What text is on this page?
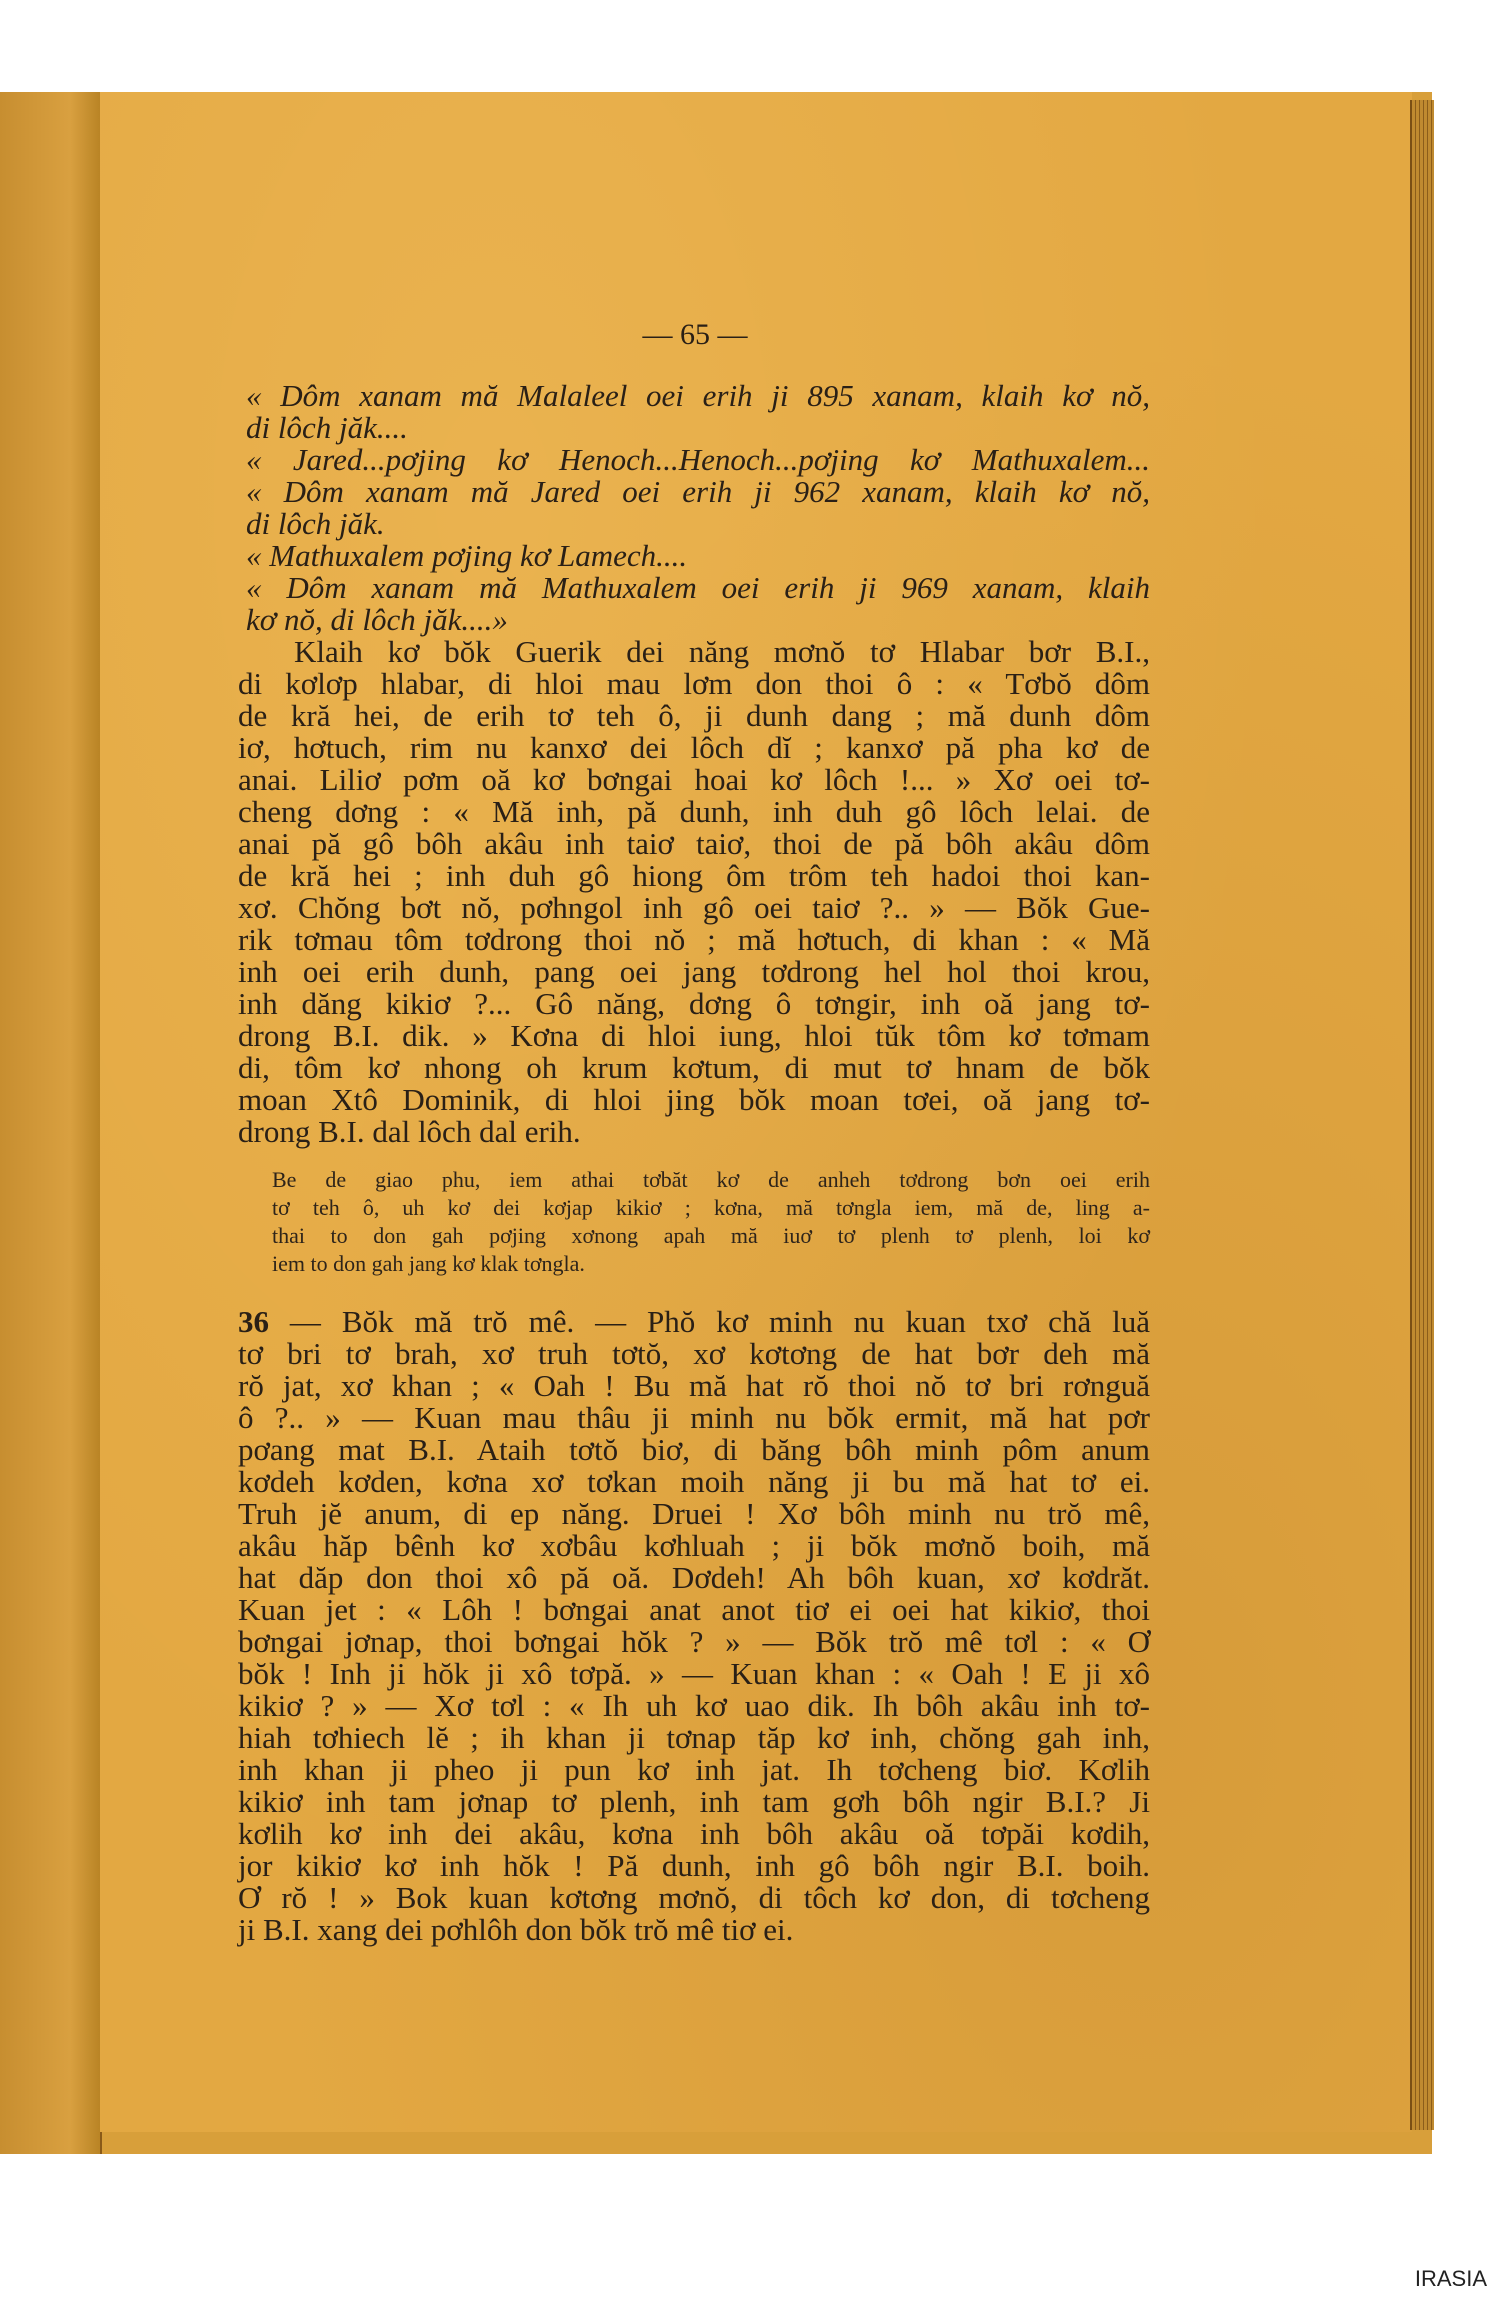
— 65 —
« Dôm xanam mă Malaleel oei erih ji 895 xanam, klaih kơ nŏ,
di lôch jăk....
« Jared...pơjing kơ Henoch...Henoch...pơjing kơ Mathuxalem...
« Dôm xanam mă Jared oei erih ji 962 xanam, klaih kơ nŏ,
di lôch jăk.
« Mathuxalem pơjing kơ Lamech....
« Dôm xanam mă Mathuxalem oei erih ji 969 xanam, klaih
kơ nŏ, di lôch jăk....»
Klaih kơ bŏk Guerik dei năng mơnŏ tơ Hlabar bơr B.I.,
di kơlơp hlabar, di hloi mau lơm don thoi ô : « Tơbŏ dôm
de kră hei, de erih tơ teh ô, ji dunh dang ; mă dunh dôm
iơ, hơtuch, rim nu kanxơ dei lôch dĭ ; kanxơ pă pha kơ de
anai. Liliơ pơm oă kơ bơngai hoai kơ lôch !... » Xơ oei tơ-
cheng dơng : « Mă inh, pă dunh, inh duh gô lôch lelai. de
anai pă gô bôh akâu inh taiơ taiơ, thoi de pă bôh akâu dôm
de kră hei ; inh duh gô hiong ôm trôm teh hadoi thoi kan-
xơ. Chŏng bơt nŏ, pơhngol inh gô oei taiơ ?.. » — Bŏk Gue-
rik tơmau tôm tơdrong thoi nŏ ; mă hơtuch, di khan : « Mă
inh oei erih dunh, pang oei jang tơdrong hel hol thoi krou,
inh dăng kikiơ ?... Gô năng, dơng ô tơngir, inh oă jang tơ-
drong B.I. dik. » Kơna di hloi iung, hloi tŭk tôm kơ tơmam
di, tôm kơ nhong oh krum kơtum, di mut tơ hnam de bŏk
moan Xtô Dominik, di hloi jing bŏk moan tơei, oă jang tơ-
drong B.I. dal lôch dal erih.
Be de giao phu, iem athai tơbăt kơ de anheh tơdrong bơn oei erih
tơ teh ô, uh kơ dei kơjap kikiơ ; kơna, mă tơngla iem, mă de, ling a-
thai to don gah pơjing xơnong apah mă iuơ tơ plenh tơ plenh, loi kơ
iem to don gah jang kơ klak tơngla.
36 — Bŏk mă trŏ mê. — Phŏ kơ minh nu kuan txơ chă luă
tơ bri tơ brah, xơ truh tơtŏ, xơ kơtơng de hat bơr deh mă
rŏ jat, xơ khan ; « Oah ! Bu mă hat rŏ thoi nŏ tơ bri rơnguă
ô ?.. » — Kuan mau thâu ji minh nu bŏk ermit, mă hat pơr
pơang mat B.I. Ataih tơtŏ biơ, di băng bôh minh pôm anum
kơdeh kơden, kơna xơ tơkan moih năng ji bu mă hat tơ ei.
Truh jĕ anum, di ep năng. Druei ! Xơ bôh minh nu trŏ mê,
akâu hăp bênh kơ xơbâu kơhluah ; ji bŏk mơnŏ boih, mă
hat dăp don thoi xô pă oă. Dơdeh! Ah bôh kuan, xơ kơdrăt.
Kuan jet : « Lôh ! bơngai anat anot tiơ ei oei hat kikiơ, thoi
bơngai jơnap, thoi bơngai hŏk ? » — Bŏk trŏ mê tơl : « Ơ
bŏk ! Inh ji hŏk ji xô tơpă. » — Kuan khan : « Oah ! E ji xô
kikiơ ? » — Xơ tơl : « Ih uh kơ uao dik. Ih bôh akâu inh tơ-
hiah tơhiech lĕ ; ih khan ji tơnap tăp kơ inh, chŏng gah inh,
inh khan ji pheo ji pun kơ inh jat. Ih tơcheng biơ. Kơlih
kikiơ inh tam jơnap tơ plenh, inh tam gơh bôh ngir B.I.? Ji
kơlih kơ inh dei akâu, kơna inh bôh akâu oă tơpăi kơdih,
jor kikiơ kơ inh hŏk ! Pă dunh, inh gô bôh ngir B.I. boih.
Ơ rŏ ! » Bok kuan kơtơng mơnŏ, di tôch kơ don, di tơcheng
ji B.I. xang dei pơhlôh don bŏk trŏ mê tiơ ei.
IRASIA
